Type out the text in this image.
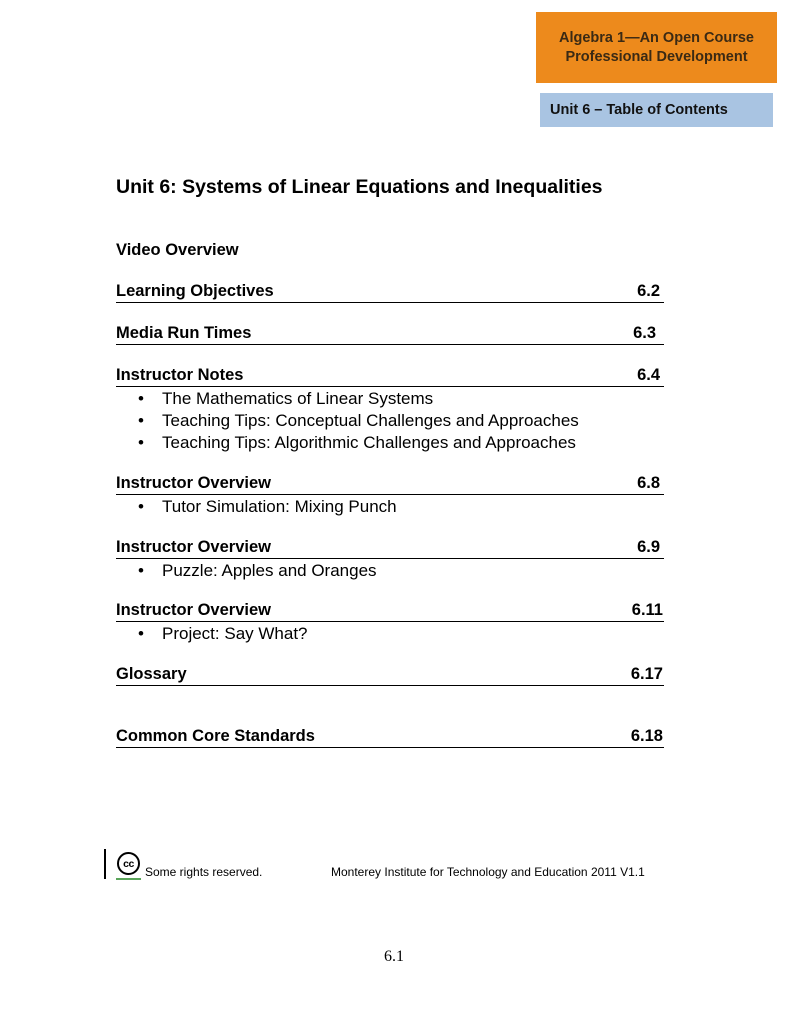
Algebra 1—An Open Course
Professional Development
Unit 6 – Table of Contents
Unit 6: Systems of Linear Equations and Inequalities
Video Overview
Learning Objectives	6.2
Media Run Times	6.3
Instructor Notes	6.4
• The Mathematics of Linear Systems
• Teaching Tips: Conceptual Challenges and Approaches
• Teaching Tips: Algorithmic Challenges and Approaches
Instructor Overview	6.8
• Tutor Simulation: Mixing Punch
Instructor Overview	6.9
• Puzzle: Apples and Oranges
Instructor Overview	6.11
• Project: Say What?
Glossary	6.17
Common Core Standards	6.18
cc
Some rights reserved.	Monterey Institute for Technology and Education 2011 V1.1
6.1
